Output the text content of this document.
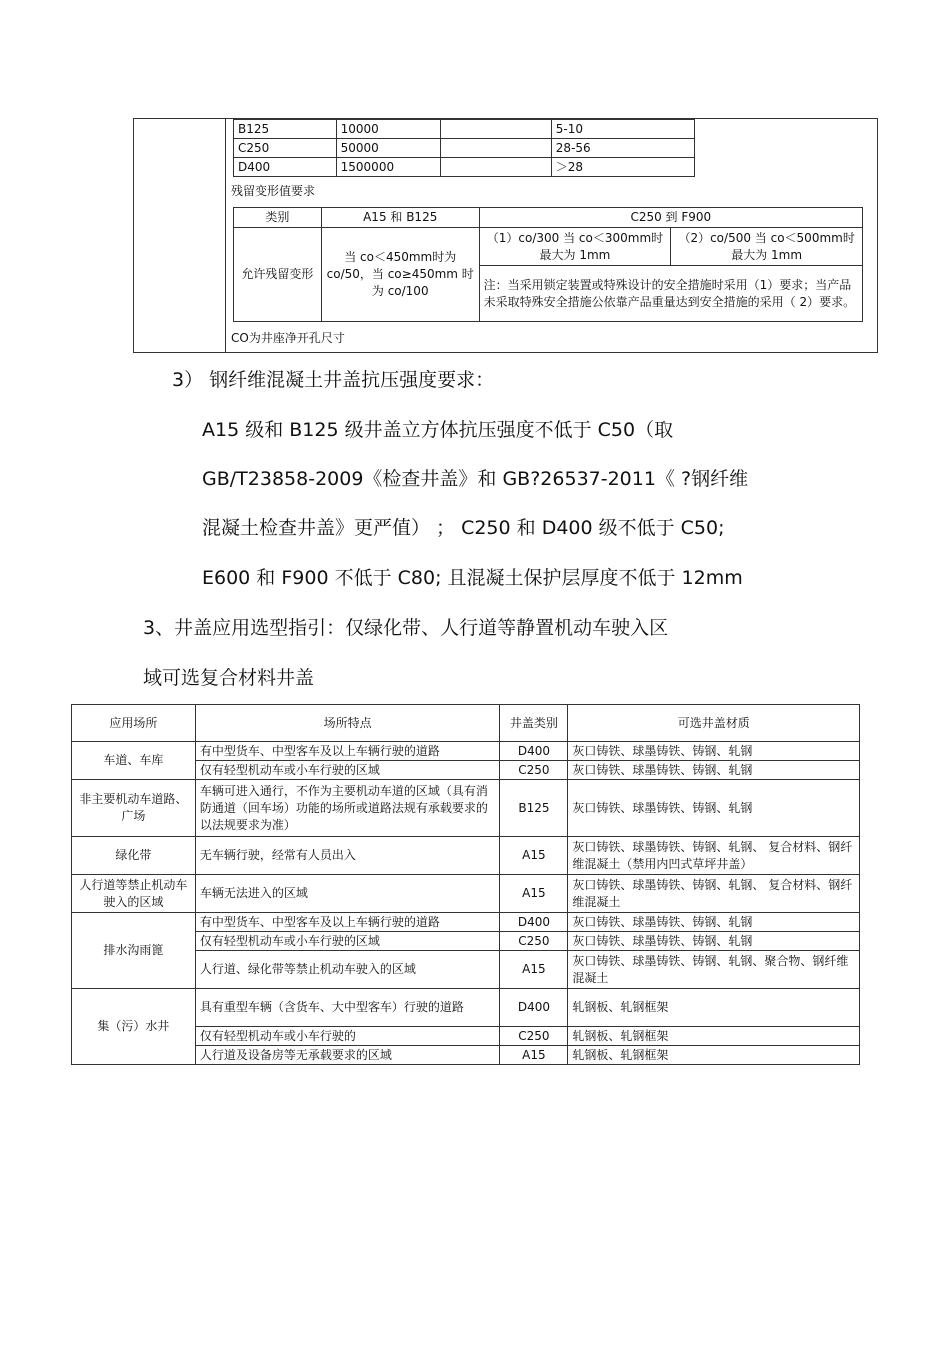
B125	10000		5-10
C250	50000		28-56
D400	1500000		＞28
残留变形值要求
类别	A15 和 B125	C250 到 F900	
允许残留变形	当 co＜450mm时为 co/50，当 co≥450mm 时为 co/100	（1）co/300 当 co＜300mm时最大为 1mm	（2）co/500 当 co＜500mm时最大为 1mm
		注：当采用锁定装置或特殊设计的安全措施时采用（1）要求；当产品未采取特殊安全措施公依靠产品重量达到安全措施的采用（ 2）要求。	
CO为井座净开孔尺寸
3） 钢纤维混凝土井盖抗压强度要求：
A15 级和 B125 级井盖立方体抗压强度不低于 C50（取
GB/T23858-2009《检查井盖》和 GB?26537-2011《 ?钢纤维
混凝土检查井盖》更严值） ； C250 和 D400 级不低于 C50;
E600 和 F900 不低于 C80; 且混凝土保护层厚度不低于 12mm
3、井盖应用选型指引：仅绿化带、人行道等静置机动车驶入区
域可选复合材料井盖
应用场所	场所特点	井盖类别	可选井盖材质
车道、车库	有中型货车、中型客车及以上车辆行驶的道路	D400	灰口铸铁、球墨铸铁、铸钢、轧钢
	仅有轻型机动车或小车行驶的区域	C250	灰口铸铁、球墨铸铁、铸钢、轧钢
非主要机动车道路、广场	车辆可进入通行，不作为主要机动车道的区域（具有消防通道（回车场）功能的场所或道路法规有承载要求的以法规要求为准）	B125	灰口铸铁、球墨铸铁、铸钢、轧钢
绿化带	无车辆行驶，经常有人员出入	A15	灰口铸铁、球墨铸铁、铸钢、轧钢、 复合材料、钢纤维混凝土（禁用内凹式草坪井盖）
人行道等禁止机动车驶入的区域	车辆无法进入的区域	A15	灰口铸铁、球墨铸铁、铸钢、轧钢、 复合材料、钢纤维混凝土
排水沟雨篦	有中型货车、中型客车及以上车辆行驶的道路	D400	灰口铸铁、球墨铸铁、铸钢、轧钢
	仅有轻型机动车或小车行驶的区域	C250	灰口铸铁、球墨铸铁、铸钢、轧钢
	人行道、绿化带等禁止机动车驶入的区域	A15	灰口铸铁、球墨铸铁、铸钢、轧钢、聚合物、钢纤维混凝土
集（污）水井	具有重型车辆（含货车、大中型客车）行驶的道路	D400	轧钢板、轧钢框架
	仅有轻型机动车或小车行驶的	C250	轧钢板、轧钢框架
	人行道及设备房等无承载要求的区域	A15	轧钢板、轧钢框架
